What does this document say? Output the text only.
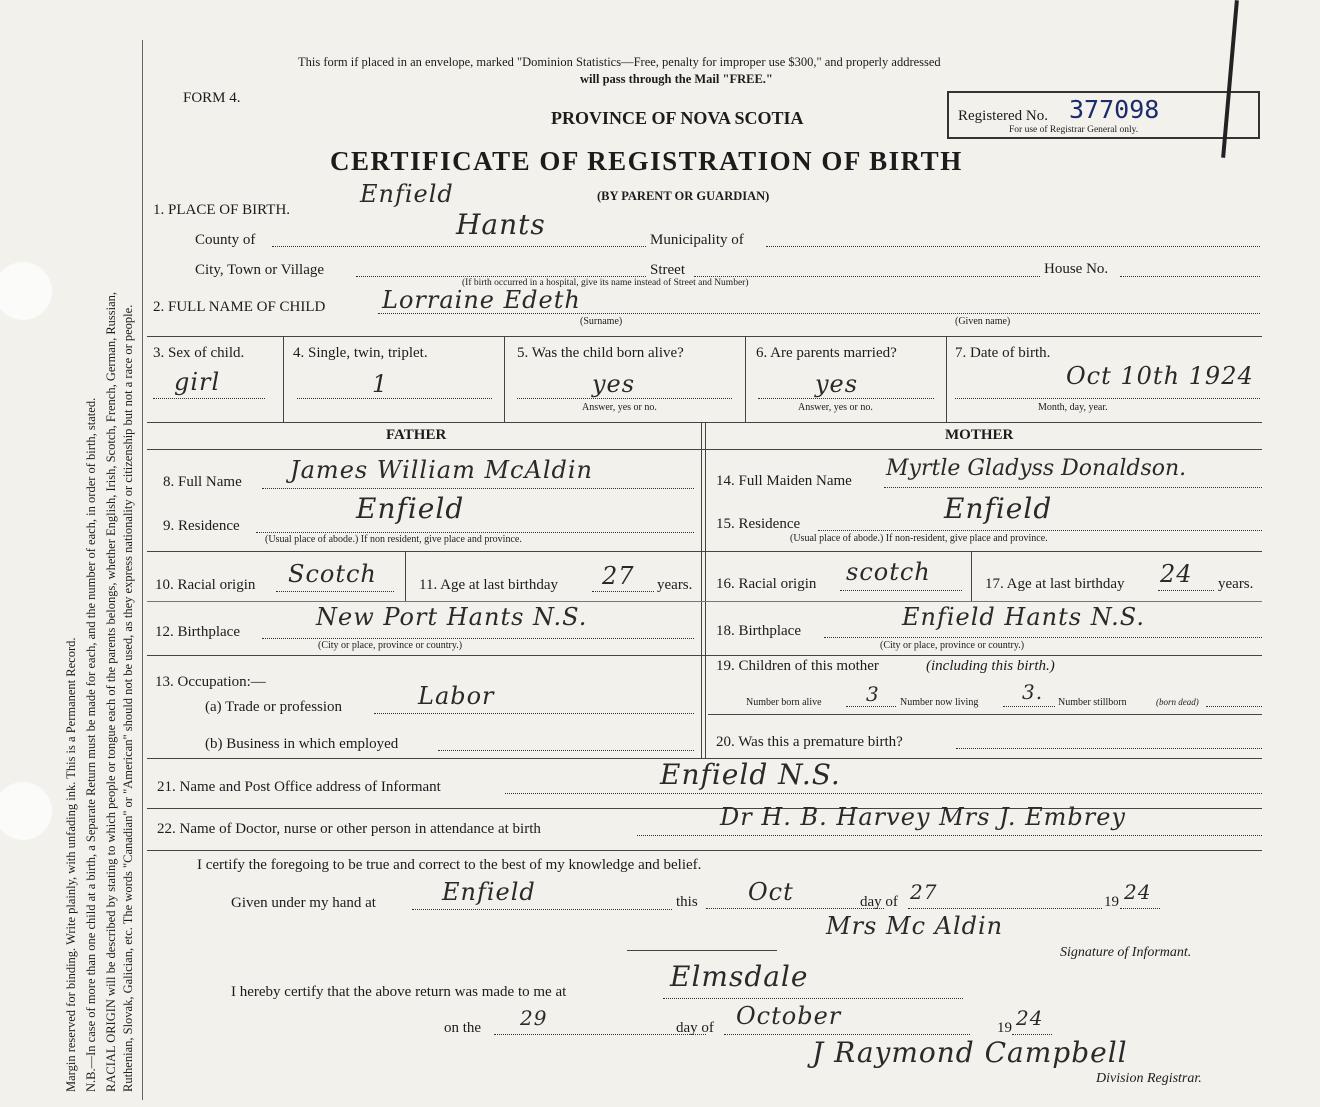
Margin reserved for binding. Write plainly, with unfading ink. This is a Permanent Record. N.B.—In case of more than one child at a birth, a Separate Return must be made for each, and the number of each, in order of birth, stated. RACIAL ORIGIN will be described by stating to which people or tongue each of the parents belongs, whether English, Irish, Scotch, French, German, Russian, Ruthenian, Slovak, Galician, etc. The words "Canadian" or "American" should not be used, as they express nationality or citizenship but not a race or people.
This form if placed in an envelope, marked "Dominion Statistics—Free, penalty for improper use $300," and properly addressed
will pass through the Mail "FREE."
FORM 4.
Registered No. 377098
For use of Registrar General only.
PROVINCE OF NOVA SCOTIA
CERTIFICATE OF REGISTRATION OF BIRTH
(BY PARENT OR GUARDIAN)
1. PLACE OF BIRTH.
Enfield
County of	Hants	Municipality of
City, Town or Village	Street	House No.
(If birth occurred in a hospital, give its name instead of Street and Number)
2. FULL NAME OF CHILD Lorraine Edeth
(Surname)	(Given name)
3. Sex of child.
girl
4. Single, twin, triplet.
1
5. Was the child born alive?
yes
Answer, yes or no.
6. Are parents married?
yes
Answer, yes or no.
7. Date of birth.
Oct 10th 1924
Month, day, year.
FATHER	MOTHER
8. Full Name James William McAldin
9. Residence
Enfield
(Usual place of abode.) If non resident, give place and province.
10. Racial origin Scotch	11. Age at last birthday 27 years.
12. Birthplace
New Port Hants N.S.
(City or place, province or country.)
13. Occupation:—
(a) Trade or profession	Labor
(b) Business in which employed
14. Full Maiden Name Myrtle Gladyss Donaldson.
15. Residence	Enfield
(Usual place of abode.) If non-resident, give place and province.
16. Racial origin scotch	17. Age at last birthday 24 years.
18. Birthplace	Enfield Hants N.S.
(City or place, province or country.)
19. Children of this mother	(including this birth.)
Number born alive 3 Number now living 3. Number stillborn	(born dead)
20. Was this a premature birth?
21. Name and Post Office address of Informant	Enfield N.S.
22. Name of Doctor, nurse or other person in attendance at birth	Dr H. B. Harvey Mrs J. Embrey
I certify the foregoing to be true and correct to the best of my knowledge and belief.
Given under my hand at	Enfield	this Oct	day of 27	19 24
Mrs Mc Aldin
Signature of Informant.
I hereby certify that the above return was made to me at	Elmsdale
on the 29	day of October	19 24
J Raymond Campbell
Division Registrar.
